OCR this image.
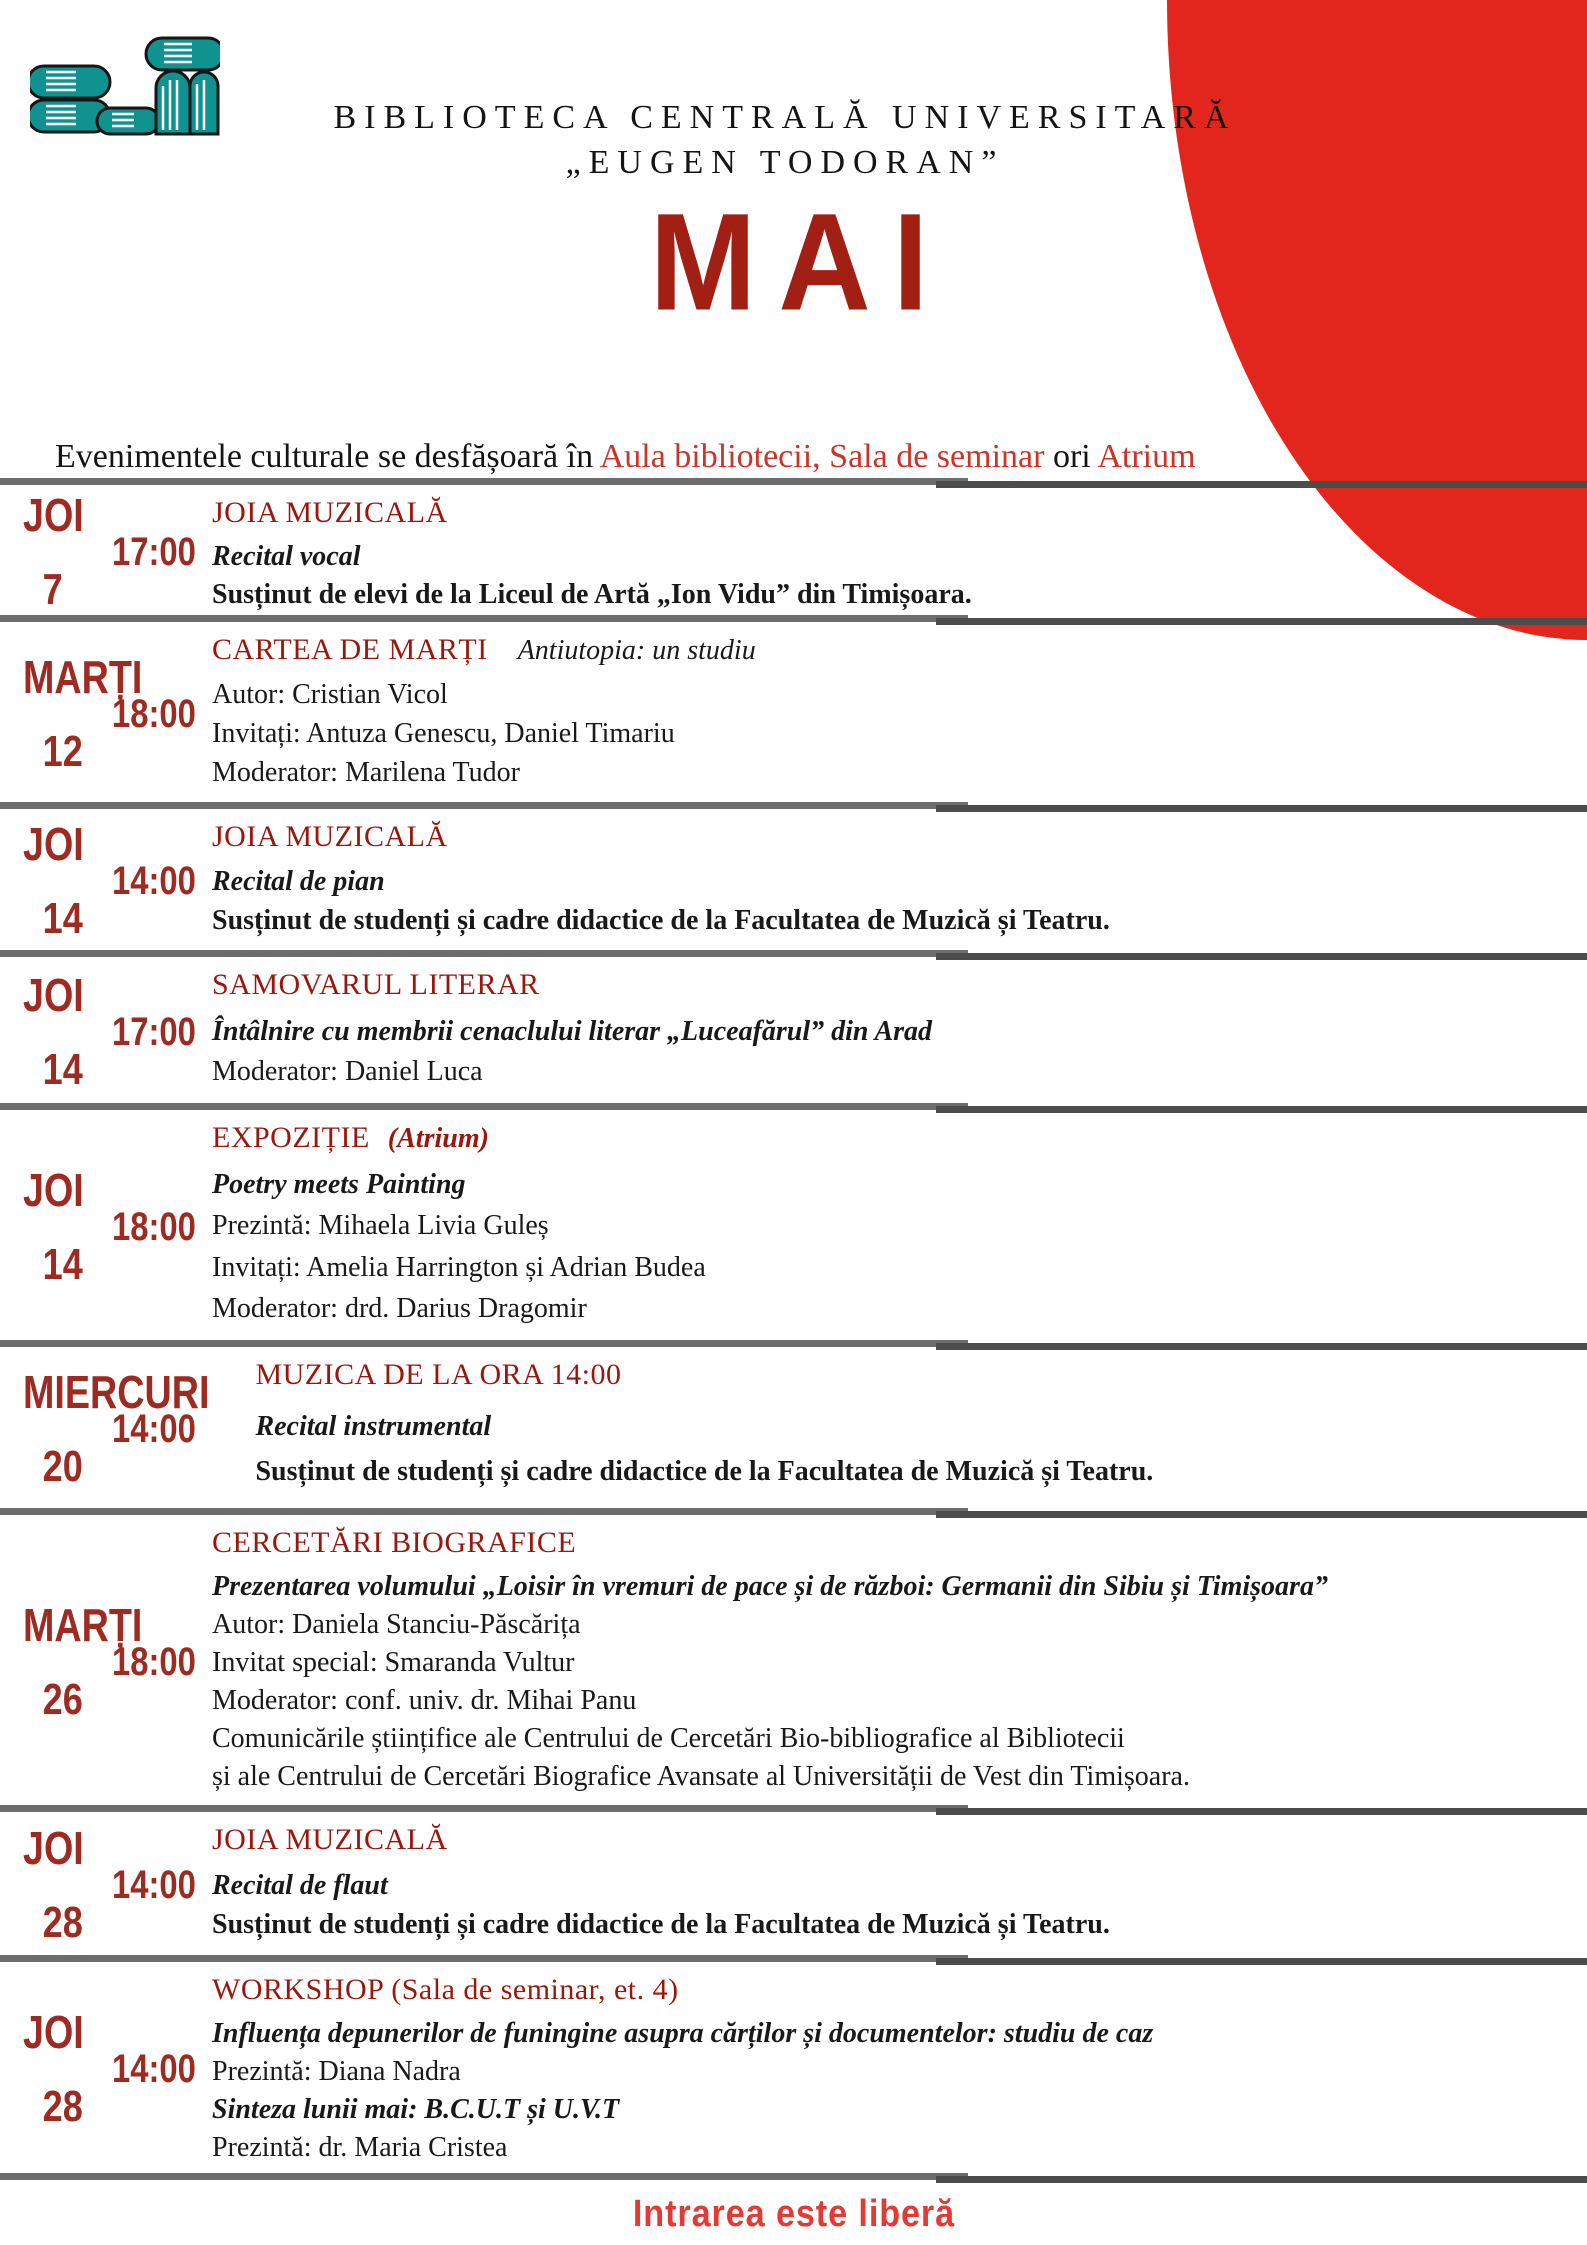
BIBLIOTECA CENTRALĂ UNIVERSITARĂ
„EUGEN TODORAN”
MAI

Evenimentele culturale se desfășoară în Aula bibliotecii, Sala de seminar ori Atrium

JOI
7
17:00
JOIA MUZICALĂ
Recital vocal
Susținut de elevi de la Liceul de Artă „Ion Vidu” din Timișoara.
MARȚI
12
18:00
CARTEA DE MARȚI Antiutopia: un studiu
Autor: Cristian Vicol
Invitați: Antuza Genescu, Daniel Timariu
Moderator: Marilena Tudor
JOI
14
14:00
JOIA MUZICALĂ
Recital de pian
Susținut de studenți și cadre didactice de la Facultatea de Muzică și Teatru.
JOI
14
17:00
SAMOVARUL LITERAR
Întâlnire cu membrii cenaclului literar „Luceafărul” din Arad
Moderator: Daniel Luca
JOI
14
18:00
EXPOZIȚIE (Atrium)
Poetry meets Painting
Prezintă: Mihaela Livia Guleș
Invitați: Amelia Harrington și Adrian Budea
Moderator: drd. Darius Dragomir
MIERCURI
20
14:00
MUZICA DE LA ORA 14:00
Recital instrumental
Susținut de studenți și cadre didactice de la Facultatea de Muzică și Teatru.
MARȚI
26
18:00
CERCETĂRI BIOGRAFICE
Prezentarea volumului „Loisir în vremuri de pace și de război: Germanii din Sibiu și Timișoara”
Autor: Daniela Stanciu-Păscărița
Invitat special: Smaranda Vultur
Moderator: conf. univ. dr. Mihai Panu
Comunicările științifice ale Centrului de Cercetări Bio-bibliografice al Bibliotecii
și ale Centrului de Cercetări Biografice Avansate al Universității de Vest din Timișoara.
JOI
28
14:00
JOIA MUZICALĂ
Recital de flaut
Susținut de studenți și cadre didactice de la Facultatea de Muzică și Teatru.
JOI
28
14:00
WORKSHOP (Sala de seminar, et. 4)
Influența depunerilor de funingine asupra cărților și documentelor: studiu de caz
Prezintă: Diana Nadra
Sinteza lunii mai: B.C.U.T și U.V.T
Prezintă: dr. Maria Cristea
Intrarea este liberă
